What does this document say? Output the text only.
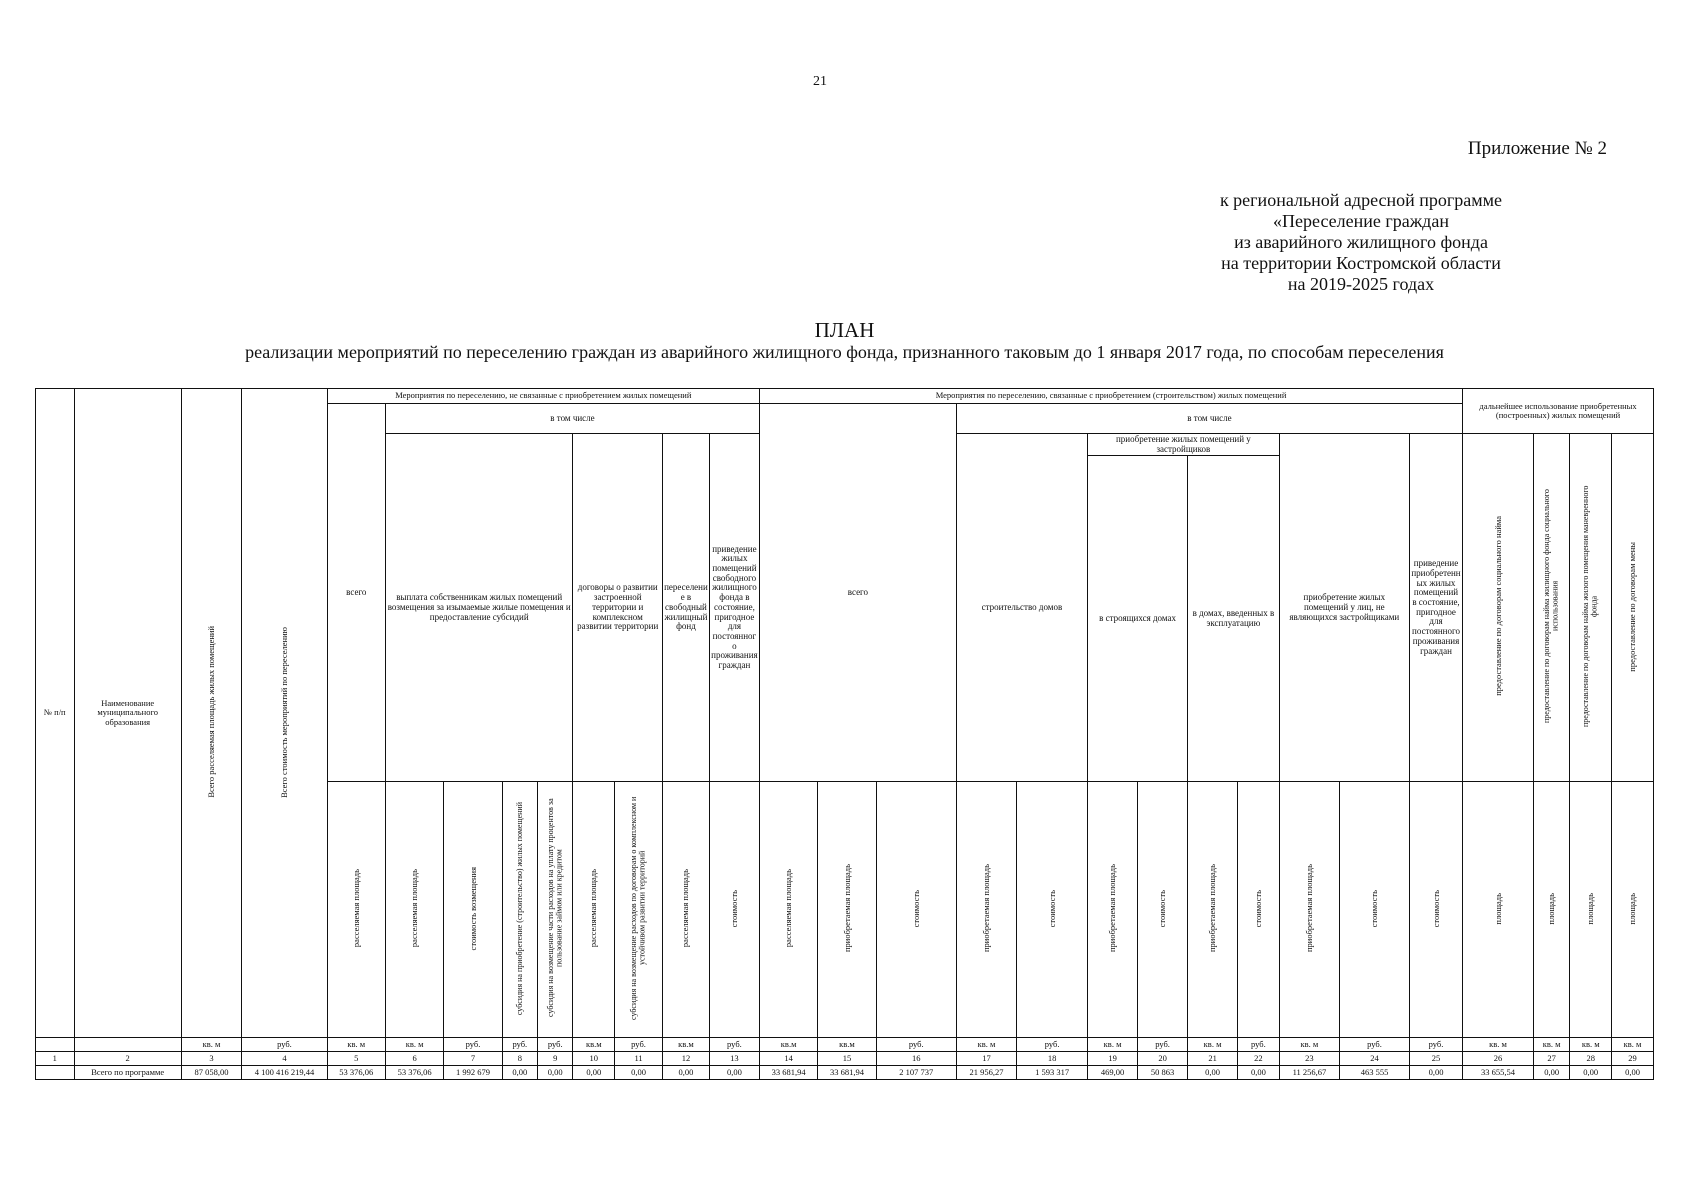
21
Приложение № 2
к региональной адресной программе
«Переселение граждан
из аварийного жилищного фонда
на территории Костромской области
на 2019-2025 годах
ПЛАН
реализации мероприятий по переселению граждан из аварийного жилищного фонда, признанного таковым до 1 января 2017 года, по способам переселения
№ п/п	Наименование муниципального образования	Всего расселяемая площадь жилых помещений	Всего стоимость мероприятий по переселению	Мероприятия по переселению, не связанные с приобретением жилых помещений									Мероприятия по переселению, связанные с приобретением (строительством) жилых помещений												дальнейшее использование приобретенных (построенных) жилых помещений			
				всего	в том числе								всего			в том числе												
					выплата собственникам жилых помещений возмещения за изымаемые жилые помещения и предоставление субсидий				договоры о развитии застроенной территории и комплексном развитии территории		переселение в свободный жилищный фонд	приведение жилых помещений свободного жилищного фонда в состояние, пригодное для постоянного проживания граждан				строительство домов		приобретение жилых помещений у застройщиков				приобретение жилых помещений у лиц, не являющихся застройщиками		приведение приобретенных жилых помещений в состояние, пригодное для постоянного проживания граждан	предоставление по договорам социального найма	предоставление по договорам найма жилищного фонда социального использования	предоставление по договорам найма жилого помещения маневренного фонда	предоставление по договорам мены
																		в строящихся домах		в домах, введенных в эксплуатацию								
				расселяемая площадь	расселяемая площадь	стоимость возмещения	субсидия на приобретение (строительство) жилых помещений	субсидия на возмещение части расходов на уплату процентов за пользование займом или кредитом	расселяемая площадь	субсидия на возмещение расходов по договорам о комплексном и устойчивом развитии территорий	расселяемая площадь	стоимость	расселяемая площадь	приобретаемая площадь	стоимость	приобретаемая площадь	стоимость	приобретаемая площадь	стоимость	приобретаемая площадь	стоимость	приобретаемая площадь	стоимость	стоимость	площадь	площадь	площадь	площадь
		кв. м	руб.	кв. м	кв. м	руб.	руб.	руб.	кв.м	руб.	кв.м	руб.	кв.м	кв.м	руб.	кв. м	руб.	кв. м	руб.	кв. м	руб.	кв. м	руб.	руб.	кв. м	кв. м	кв. м	кв. м
1	2	3	4	5	6	7	8	9	10	11	12	13	14	15	16	17	18	19	20	21	22	23	24	25	26	27	28	29
	Всего по программе	87 058,00	4 100 416 219,44	53 376,06	53 376,06	1 992 679	0,00	0,00	0,00	0,00	0,00	0,00	33 681,94	33 681,94	2 107 737	21 956,27	1 593 317	469,00	50 863	0,00	0,00	11 256,67	463 555	0,00	33 655,54	0,00	0,00	0,00
